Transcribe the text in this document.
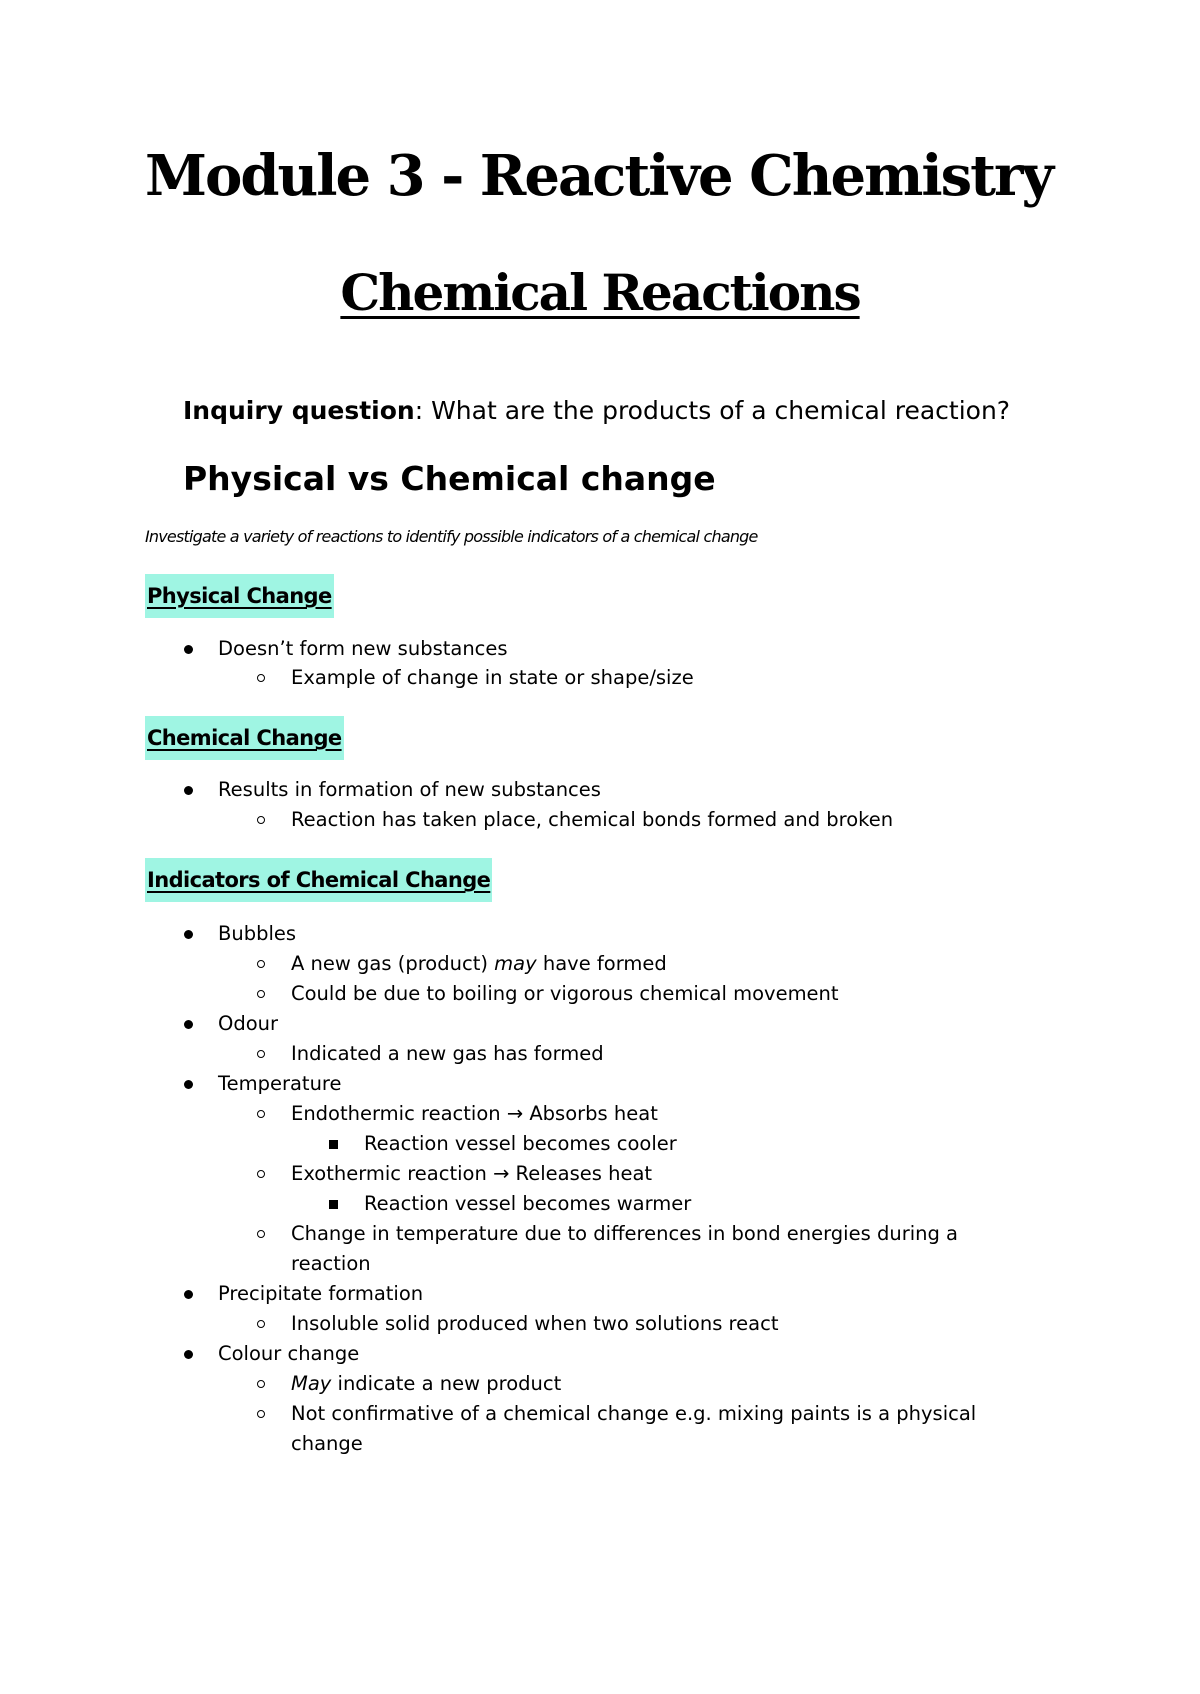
Module 3 - Reactive Chemistry
Chemical Reactions
Inquiry question: What are the products of a chemical reaction?
Physical vs Chemical change
Investigate a variety of reactions to identify possible indicators of a chemical change
Physical Change
Doesn’t form new substances
Example of change in state or shape/size
Chemical Change
Results in formation of new substances
Reaction has taken place, chemical bonds formed and broken
Indicators of Chemical Change
Bubbles
A new gas (product) may have formed
Could be due to boiling or vigorous chemical movement
Odour
Indicated a new gas has formed
Temperature
Endothermic reaction → Absorbs heat
Reaction vessel becomes cooler
Exothermic reaction → Releases heat
Reaction vessel becomes warmer
Change in temperature due to differences in bond energies during a
reaction
Precipitate formation
Insoluble solid produced when two solutions react
Colour change
May indicate a new product
Not confirmative of a chemical change e.g. mixing paints is a physical
change
